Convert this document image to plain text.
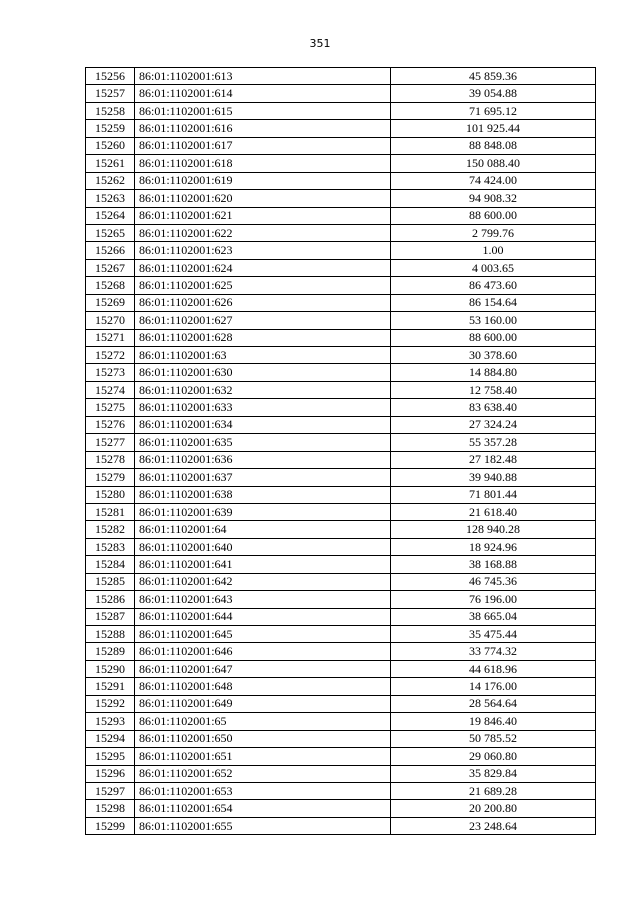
351
15256	86:01:1102001:613	45 859.36
15257	86:01:1102001:614	39 054.88
15258	86:01:1102001:615	71 695.12
15259	86:01:1102001:616	101 925.44
15260	86:01:1102001:617	88 848.08
15261	86:01:1102001:618	150 088.40
15262	86:01:1102001:619	74 424.00
15263	86:01:1102001:620	94 908.32
15264	86:01:1102001:621	88 600.00
15265	86:01:1102001:622	2 799.76
15266	86:01:1102001:623	1.00
15267	86:01:1102001:624	4 003.65
15268	86:01:1102001:625	86 473.60
15269	86:01:1102001:626	86 154.64
15270	86:01:1102001:627	53 160.00
15271	86:01:1102001:628	88 600.00
15272	86:01:1102001:63	30 378.60
15273	86:01:1102001:630	14 884.80
15274	86:01:1102001:632	12 758.40
15275	86:01:1102001:633	83 638.40
15276	86:01:1102001:634	27 324.24
15277	86:01:1102001:635	55 357.28
15278	86:01:1102001:636	27 182.48
15279	86:01:1102001:637	39 940.88
15280	86:01:1102001:638	71 801.44
15281	86:01:1102001:639	21 618.40
15282	86:01:1102001:64	128 940.28
15283	86:01:1102001:640	18 924.96
15284	86:01:1102001:641	38 168.88
15285	86:01:1102001:642	46 745.36
15286	86:01:1102001:643	76 196.00
15287	86:01:1102001:644	38 665.04
15288	86:01:1102001:645	35 475.44
15289	86:01:1102001:646	33 774.32
15290	86:01:1102001:647	44 618.96
15291	86:01:1102001:648	14 176.00
15292	86:01:1102001:649	28 564.64
15293	86:01:1102001:65	19 846.40
15294	86:01:1102001:650	50 785.52
15295	86:01:1102001:651	29 060.80
15296	86:01:1102001:652	35 829.84
15297	86:01:1102001:653	21 689.28
15298	86:01:1102001:654	20 200.80
15299	86:01:1102001:655	23 248.64
